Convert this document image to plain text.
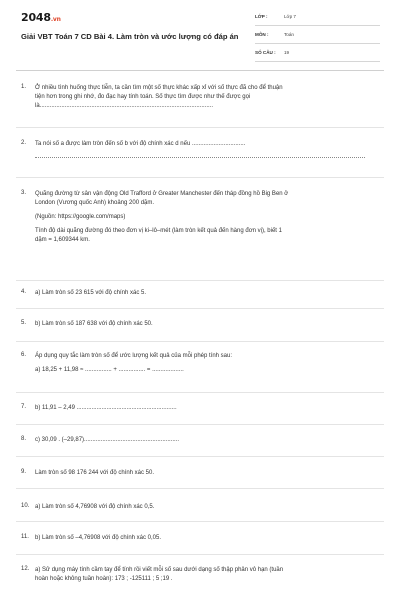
2048.vn
Giải VBT Toán 7 CD Bài 4. Làm tròn và ước lượng có đáp án
LỚP :	Lớp 7
MÔN :	Toán
SỐ CÂU : 19
1. Ở nhiều tình huống thực tiễn, ta cần tìm một số thực khác xấp xỉ với số thực đã cho để thuận

tiện hơn trong ghi nhớ, đo đạc hay tính toán. Số thực tìm được như thế được gọi

là........................................................................................................

2. Ta nói số a được làm tròn đến số b với độ chính xác d nếu ................................

3. Quãng đường từ sân vận động Old Trafford ở Greater Manchester đến tháp đồng hồ Big Ben ở

London (Vương quốc Anh) khoảng 200 dặm.

(Nguồn: https://google.com/maps)

Tính độ dài quãng đường đó theo đơn vị ki–lô–mét (làm tròn kết quả đến hàng đơn vị), biết 1

dặm = 1,609344 km.

4. a) Làm tròn số 23 615 với độ chính xác 5.

5. b) Làm tròn số 187 638 với độ chính xác 50.

6. Áp dụng quy tắc làm tròn số để ước lượng kết quả của mỗi phép tính sau:

a) 18,25 + 11,98 ≈ ................ + ................ = ...................

7. b) 11,91 – 2,49 ............................................................

8. c) 30,09 . (–29,87).........................................................

9. Làm tròn số 98 176 244 với độ chính xác 50.

10. a) Làm tròn số 4,76908 với độ chính xác 0,5.

11. b) Làm tròn số –4,76908 với độ chính xác 0,05.

12. a) Sử dụng máy tính cầm tay để tính rồi viết mỗi số sau dưới dạng số thập phân vô hạn (tuần

hoàn hoặc không tuần hoàn): 173 ; -125111 ; 5 ;19 .
